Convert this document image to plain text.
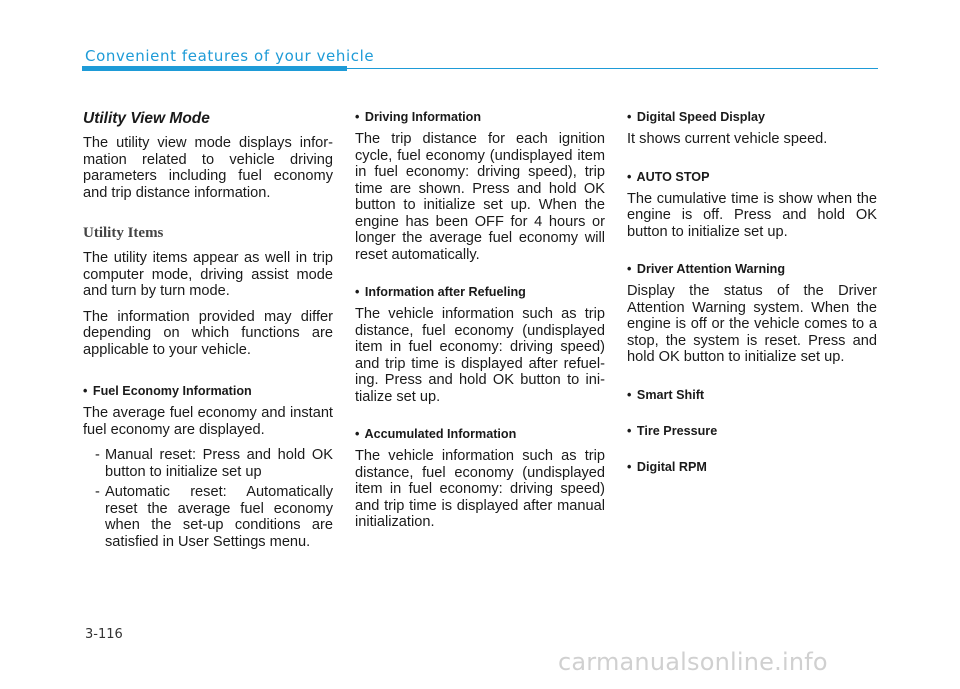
Convenient features of your vehicle
Utility View Mode

The utility view mode displays information related to vehicle driving parameters including fuel economy and trip distance information.

Utility Items

The utility items appear as well in trip computer mode, driving assist mode and turn by turn mode.

The information provided may differ depending on which functions are applicable to your vehicle.

• Fuel Economy Information

The average fuel economy and instant fuel economy are displayed.

- Manual reset: Press and hold OK button to initialize set up
- Automatic reset: Automatically reset the average fuel economy when the set-up conditions are satisfied in User Settings menu.
• Driving Information

The trip distance for each ignition cycle, fuel economy (undisplayed item in fuel economy: driving speed), trip time are shown. Press and hold OK button to initialize set up. When the engine has been OFF for 4 hours or longer the average fuel economy will reset automatically.

• Information after Refueling

The vehicle information such as trip distance, fuel economy (undisplayed item in fuel economy: driving speed) and trip time is displayed after refueling. Press and hold OK button to initialize set up.

• Accumulated Information

The vehicle information such as trip distance, fuel economy (undisplayed item in fuel economy: driving speed) and trip time is displayed after manual initialization.

• Digital Speed Display

It shows current vehicle speed.

• AUTO STOP

The cumulative time is show when the engine is off. Press and hold OK button to initialize set up.

• Driver Attention Warning

Display the status of the Driver Attention Warning system. When the engine is off or the vehicle comes to a stop, the system is reset. Press and hold OK button to initialize set up.

• Smart Shift
• Tire Pressure
• Digital RPM
3-116
carmanualsonline.info
